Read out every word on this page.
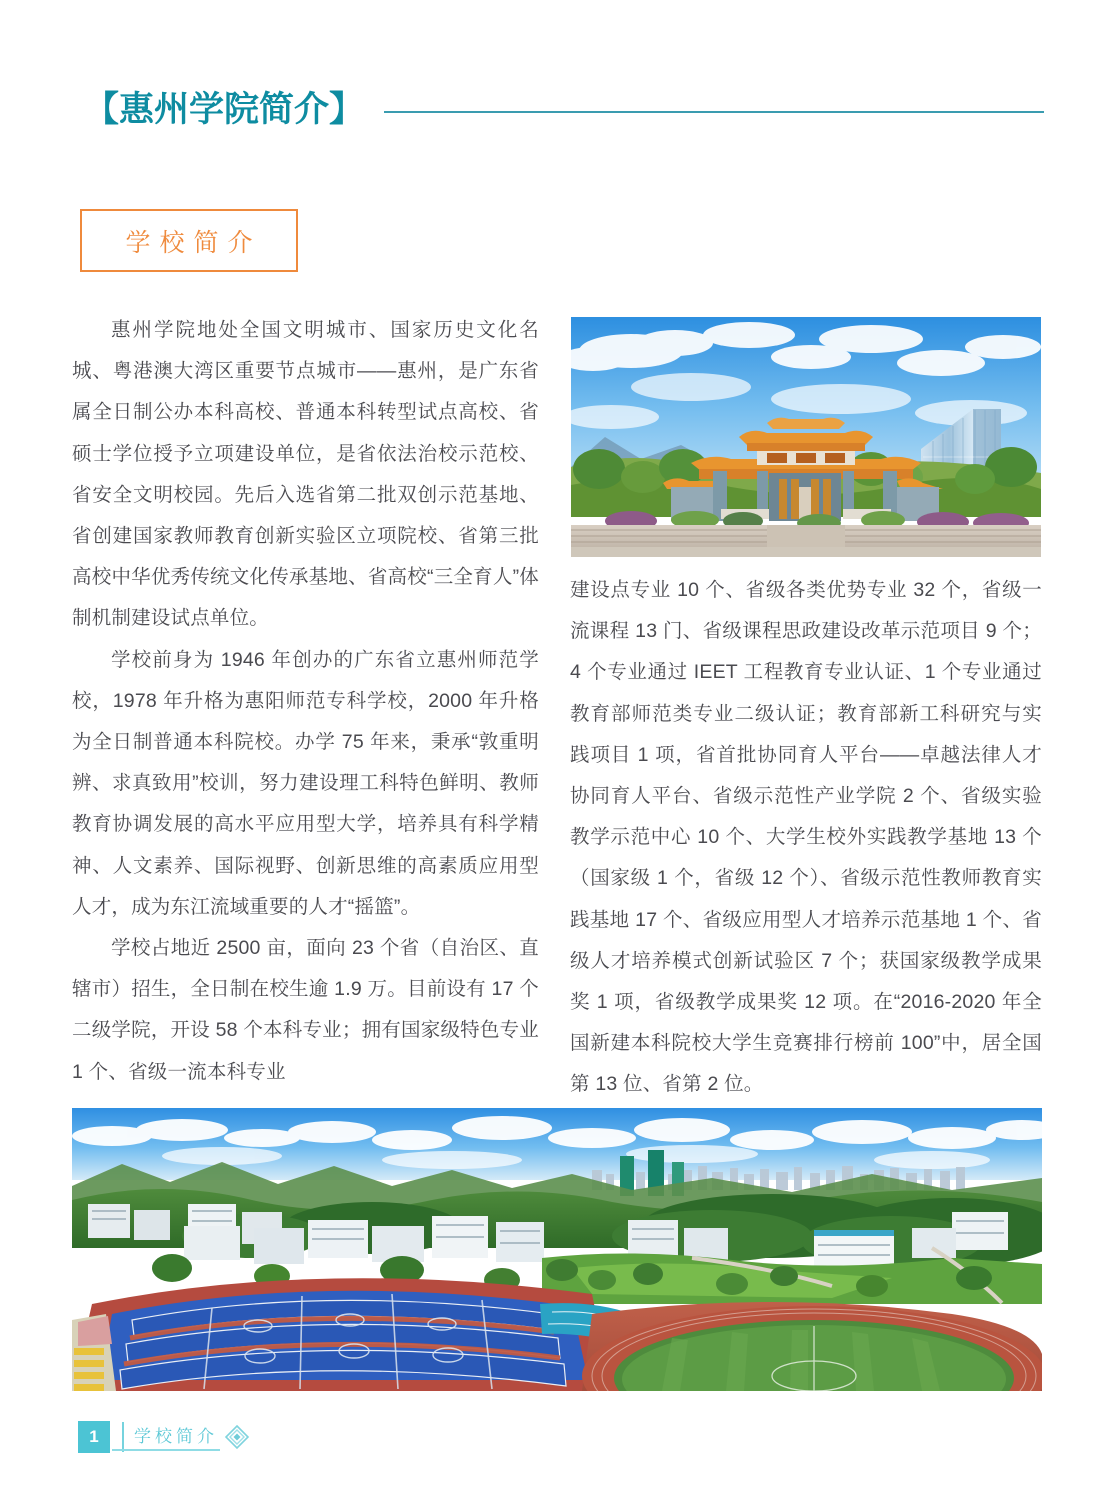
【惠州学院简介】
学校简介

惠州学院地处全国文明城市、国家历史文化名城、粤港澳大湾区重要节点城市——惠州，是广东省属全日制公办本科高校、普通本科转型试点高校、省硕士学位授予立项建设单位，是省依法治校示范校、省安全文明校园。先后入选省第二批双创示范基地、省创建国家教师教育创新实验区立项院校、省第三批高校中华优秀传统文化传承基地、省高校“三全育人”体制机制建设试点单位。

学校前身为 1946 年创办的广东省立惠州师范学校，1978 年升格为惠阳师范专科学校，2000 年升格为全日制普通本科院校。办学 75 年来，秉承“敦重明辨、求真致用”校训，努力建设理工科特色鲜明、教师教育协调发展的高水平应用型大学，培养具有科学精神、人文素养、国际视野、创新思维的高素质应用型人才，成为东江流域重要的人才“摇篮”。

学校占地近 2500 亩，面向 23 个省（自治区、直辖市）招生，全日制在校生逾 1.9 万。目前设有 17 个二级学院，开设 58 个本科专业；拥有国家级特色专业 1 个、省级一流本科专业

建设点专业 10 个、省级各类优势专业 32 个，省级一流课程 13 门、省级课程思政建设改革示范项目 9 个；4 个专业通过 IEET 工程教育专业认证、1 个专业通过教育部师范类专业二级认证；教育部新工科研究与实践项目 1 项，省首批协同育人平台——卓越法律人才协同育人平台、省级示范性产业学院 2 个、省级实验教学示范中心 10 个、大学生校外实践教学基地 13 个（国家级 1 个，省级 12 个）、省级示范性教师教育实践基地 17 个、省级应用型人才培养示范基地 1 个、省级人才培养模式创新试验区 7 个；获国家级教学成果奖 1 项，省级教学成果奖 12 项。在“2016-2020 年全国新建本科院校大学生竞赛排行榜前 100”中，居全国第 13 位、省第 2 位。

1	学校简介
